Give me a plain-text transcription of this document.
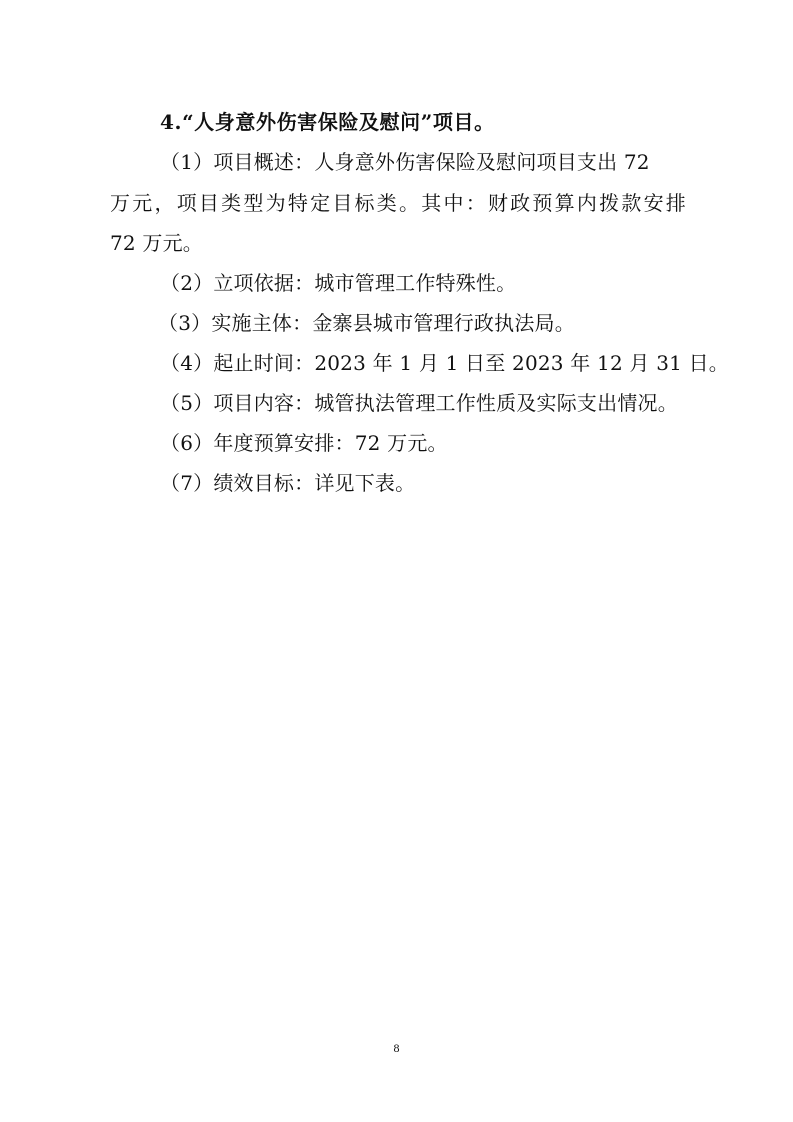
4.“人身意外伤害保险及慰问”项目。
（1）项目概述：人身意外伤害保险及慰问项目支出 72
万元，项目类型为特定目标类。其中：财政预算内拨款安排
72 万元。
（2）立项依据：城市管理工作特殊性。
（3）实施主体：金寨县城市管理行政执法局。
（4）起止时间：2023 年 1 月 1 日至 2023 年 12 月 31 日。
（5）项目内容：城管执法管理工作性质及实际支出情况。
（6）年度预算安排：72 万元。
（7）绩效目标：详见下表。
8
